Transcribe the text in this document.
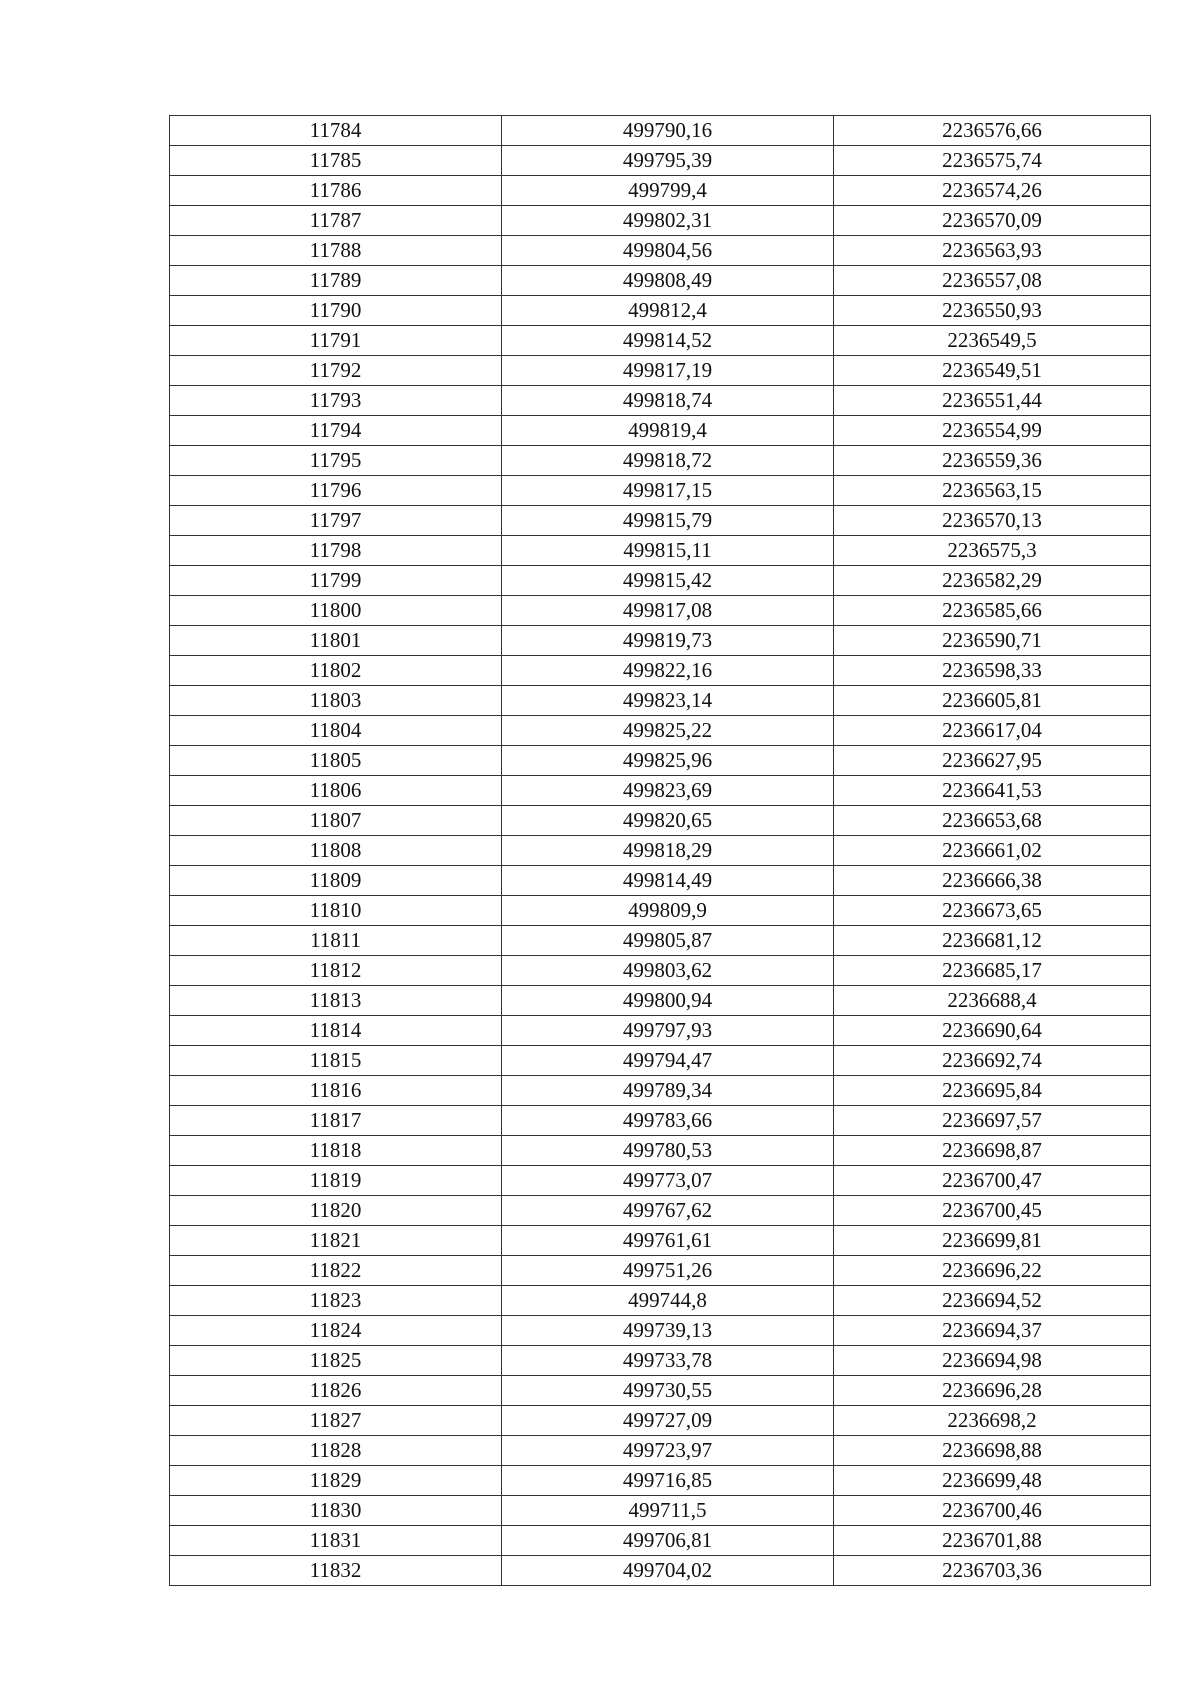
11784	499790,16	2236576,66
11785	499795,39	2236575,74
11786	499799,4	2236574,26
11787	499802,31	2236570,09
11788	499804,56	2236563,93
11789	499808,49	2236557,08
11790	499812,4	2236550,93
11791	499814,52	2236549,5
11792	499817,19	2236549,51
11793	499818,74	2236551,44
11794	499819,4	2236554,99
11795	499818,72	2236559,36
11796	499817,15	2236563,15
11797	499815,79	2236570,13
11798	499815,11	2236575,3
11799	499815,42	2236582,29
11800	499817,08	2236585,66
11801	499819,73	2236590,71
11802	499822,16	2236598,33
11803	499823,14	2236605,81
11804	499825,22	2236617,04
11805	499825,96	2236627,95
11806	499823,69	2236641,53
11807	499820,65	2236653,68
11808	499818,29	2236661,02
11809	499814,49	2236666,38
11810	499809,9	2236673,65
11811	499805,87	2236681,12
11812	499803,62	2236685,17
11813	499800,94	2236688,4
11814	499797,93	2236690,64
11815	499794,47	2236692,74
11816	499789,34	2236695,84
11817	499783,66	2236697,57
11818	499780,53	2236698,87
11819	499773,07	2236700,47
11820	499767,62	2236700,45
11821	499761,61	2236699,81
11822	499751,26	2236696,22
11823	499744,8	2236694,52
11824	499739,13	2236694,37
11825	499733,78	2236694,98
11826	499730,55	2236696,28
11827	499727,09	2236698,2
11828	499723,97	2236698,88
11829	499716,85	2236699,48
11830	499711,5	2236700,46
11831	499706,81	2236701,88
11832	499704,02	2236703,36
